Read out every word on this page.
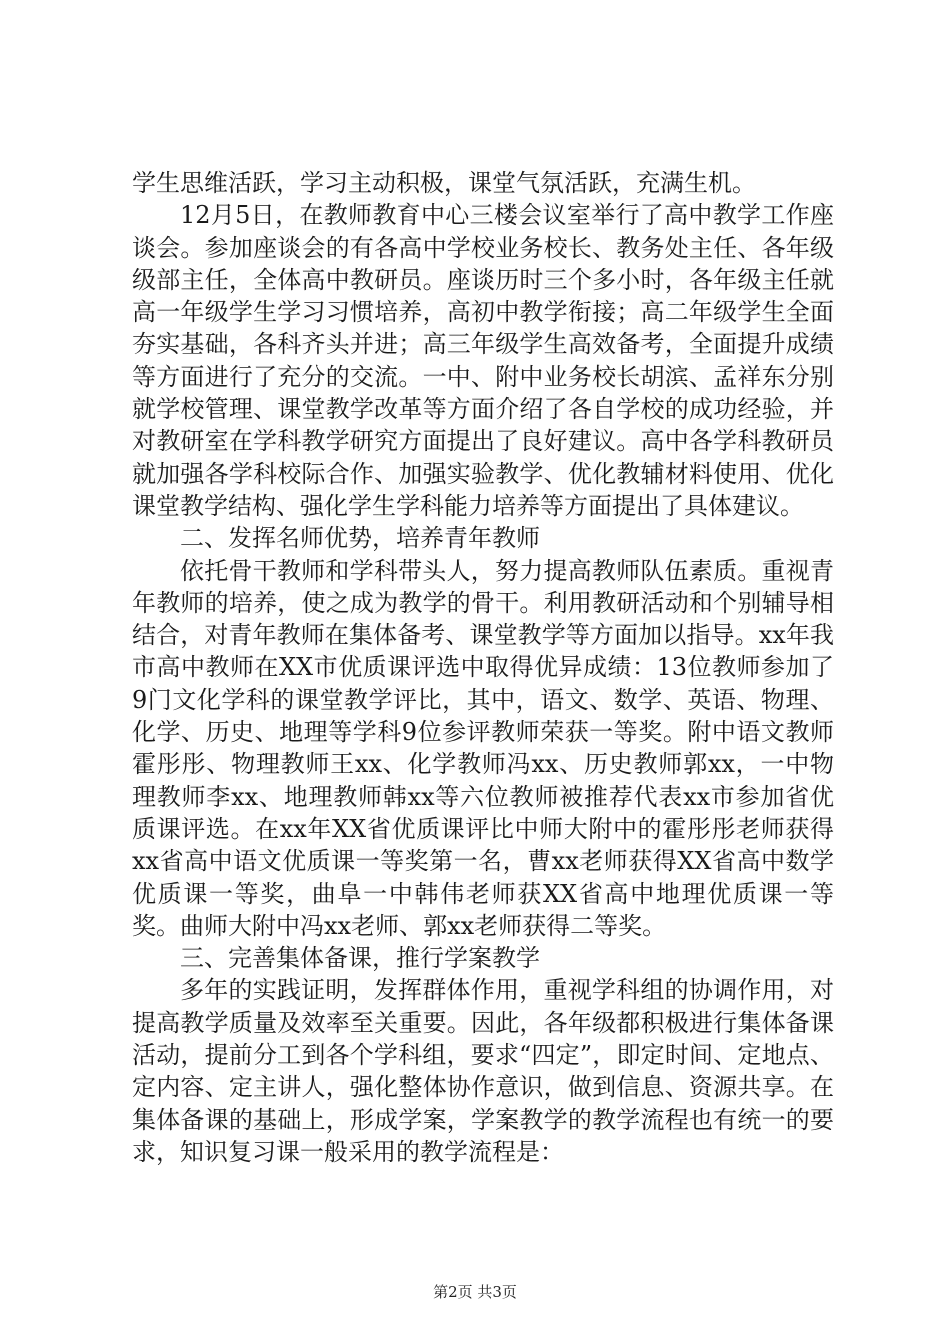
学生思维活跃，学习主动积极，课堂气氛活跃，充满生机。

12月5日，在教师教育中心三楼会议室举行了高中教学工作座谈会。参加座谈会的有各高中学校业务校长、教务处主任、各年级级部主任，全体高中教研员。座谈历时三个多小时，各年级主任就高一年级学生学习习惯培养，高初中教学衔接；高二年级学生全面夯实基础，各科齐头并进；高三年级学生高效备考，全面提升成绩等方面进行了充分的交流。一中、附中业务校长胡滨、孟祥东分别就学校管理、课堂教学改革等方面介绍了各自学校的成功经验，并对教研室在学科教学研究方面提出了良好建议。高中各学科教研员就加强各学科校际合作、加强实验教学、优化教辅材料使用、优化课堂教学结构、强化学生学科能力培养等方面提出了具体建议。

二、发挥名师优势，培养青年教师

依托骨干教师和学科带头人，努力提高教师队伍素质。重视青年教师的培养，使之成为教学的骨干。利用教研活动和个别辅导相结合，对青年教师在集体备考、课堂教学等方面加以指导。xx年我市高中教师在XX市优质课评选中取得优异成绩：13位教师参加了9门文化学科的课堂教学评比，其中，语文、数学、英语、物理、化学、历史、地理等学科9位参评教师荣获一等奖。附中语文教师霍彤彤、物理教师王xx、化学教师冯xx、历史教师郭xx，一中物理教师李xx、地理教师韩xx等六位教师被推荐代表xx市参加省优质课评选。在xx年XX省优质课评比中师大附中的霍彤彤老师获得xx省高中语文优质课一等奖第一名，曹xx老师获得XX省高中数学优质课一等奖，曲阜一中韩伟老师获XX省高中地理优质课一等奖。曲师大附中冯xx老师、郭xx老师获得二等奖。

三、完善集体备课，推行学案教学

多年的实践证明，发挥群体作用，重视学科组的协调作用，对提高教学质量及效率至关重要。因此，各年级都积极进行集体备课活动，提前分工到各个学科组，要求“四定”，即定时间、定地点、定内容、定主讲人，强化整体协作意识，做到信息、资源共享。在集体备课的基础上，形成学案，学案教学的教学流程也有统一的要求，知识复习课一般采用的教学流程是：

第2页 共3页
